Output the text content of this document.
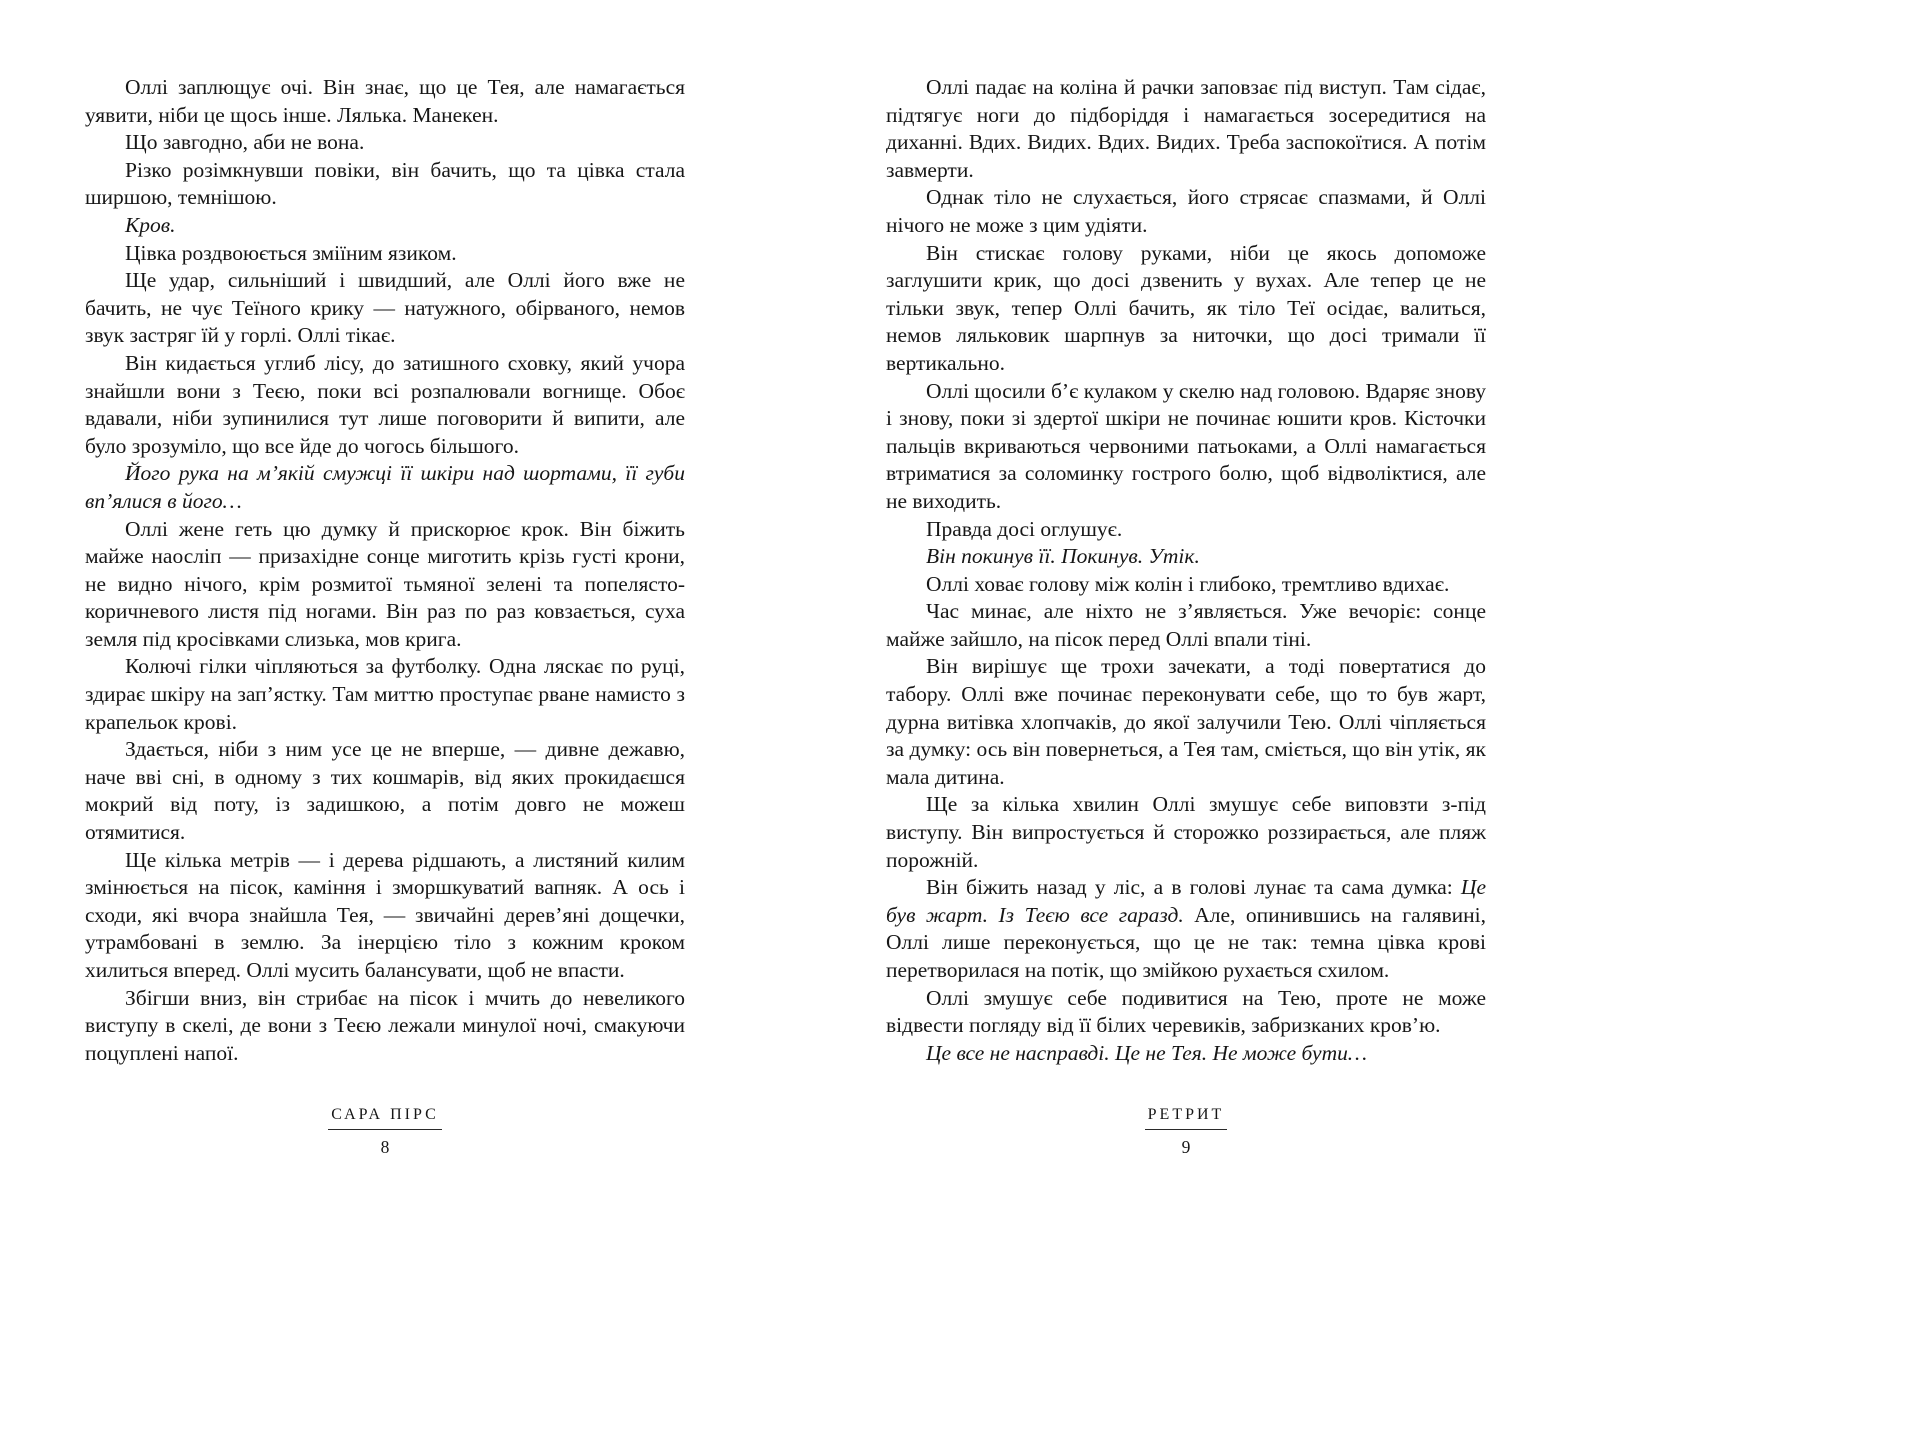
Оллі заплющує очі. Він знає, що це Тея, але намагається уявити, ніби це щось інше. Лялька. Манекен.

Що завгодно, аби не вона.

Різко розімкнувши повіки, він бачить, що та цівка стала ширшою, темнішою.

Кров.

Цівка роздвоюється зміїним язиком.

Ще удар, сильніший і швидший, але Оллі його вже не бачить, не чує Теїного крику — натужного, обірваного, немов звук застряг їй у горлі. Оллі тікає.

Він кидається углиб лісу, до затишного сховку, який учора знайшли вони з Теєю, поки всі розпалювали вогнище. Обоє вдавали, ніби зупинилися тут лише поговорити й випити, але було зрозуміло, що все йде до чогось більшого.

Його рука на м’якій смужці її шкіри над шортами, її губи вп’ялися в його…

Оллі жене геть цю думку й прискорює крок. Він біжить майже наосліп — призахідне сонце миготить крізь густі крони, не видно нічого, крім розмитої тьмяної зелені та попелясто-коричневого листя під ногами. Він раз по раз ковзається, суха земля під кросівками слизька, мов крига.

Колючі гілки чіпляються за футболку. Одна ляскає по руці, здирає шкіру на зап’ястку. Там миттю проступає рване намисто з крапельок крові.

Здається, ніби з ним усе це не вперше, — дивне дежавю, наче вві сні, в одному з тих кошмарів, від яких прокидаєшся мокрий від поту, із задишкою, а потім довго не можеш отямитися.

Ще кілька метрів — і дерева рідшають, а листяний килим змінюється на пісок, каміння і зморшкуватий вапняк. А ось і сходи, які вчора знайшла Тея, — звичайні дерев’яні дощечки, утрамбовані в землю. За інерцією тіло з кожним кроком хилиться вперед. Оллі мусить балансувати, щоб не впасти.

Збігши вниз, він стрибає на пісок і мчить до невеликого виступу в скелі, де вони з Теєю лежали минулої ночі, смакуючи поцуплені напої.

САРА ПІРС
8

Оллі падає на коліна й рачки заповзає під виступ. Там сідає, підтягує ноги до підборіддя і намагається зосередитися на диханні. Вдих. Видих. Вдих. Видих. Треба заспокоїтися. А потім завмерти.

Однак тіло не слухається, його стрясає спазмами, й Оллі нічого не може з цим удіяти.

Він стискає голову руками, ніби це якось допоможе заглушити крик, що досі дзвенить у вухах. Але тепер це не тільки звук, тепер Оллі бачить, як тіло Теї осідає, валиться, немов ляльковик шарпнув за ниточки, що досі тримали її вертикально.

Оллі щосили б’є кулаком у скелю над головою. Вдаряє знову і знову, поки зі здертої шкіри не починає юшити кров. Кісточки пальців вкриваються червоними патьоками, а Оллі намагається втриматися за соломинку гострого болю, щоб відволіктися, але не виходить.

Правда досі оглушує.

Він покинув її. Покинув. Утік.

Оллі ховає голову між колін і глибоко, тремтливо вдихає.

Час минає, але ніхто не з’являється. Уже вечоріє: сонце майже зайшло, на пісок перед Оллі впали тіні.

Він вирішує ще трохи зачекати, а тоді повертатися до табору. Оллі вже починає переконувати себе, що то був жарт, дурна витівка хлопчаків, до якої залучили Тею. Оллі чіпляється за думку: ось він повернеться, а Тея там, сміється, що він утік, як мала дитина.

Ще за кілька хвилин Оллі змушує себе виповзти з-під виступу. Він випростується й сторожко роззирається, але пляж порожній.

Він біжить назад у ліс, а в голові лунає та сама думка: Це був жарт. Із Теєю все гаразд. Але, опинившись на галявині, Оллі лише переконується, що це не так: темна цівка крові перетворилася на потік, що змійкою рухається схилом.

Оллі змушує себе подивитися на Тею, проте не може відвести погляду від її білих черевиків, забризканих кров’ю.

Це все не насправді. Це не Тея. Не може бути…

РЕТРИТ
9
